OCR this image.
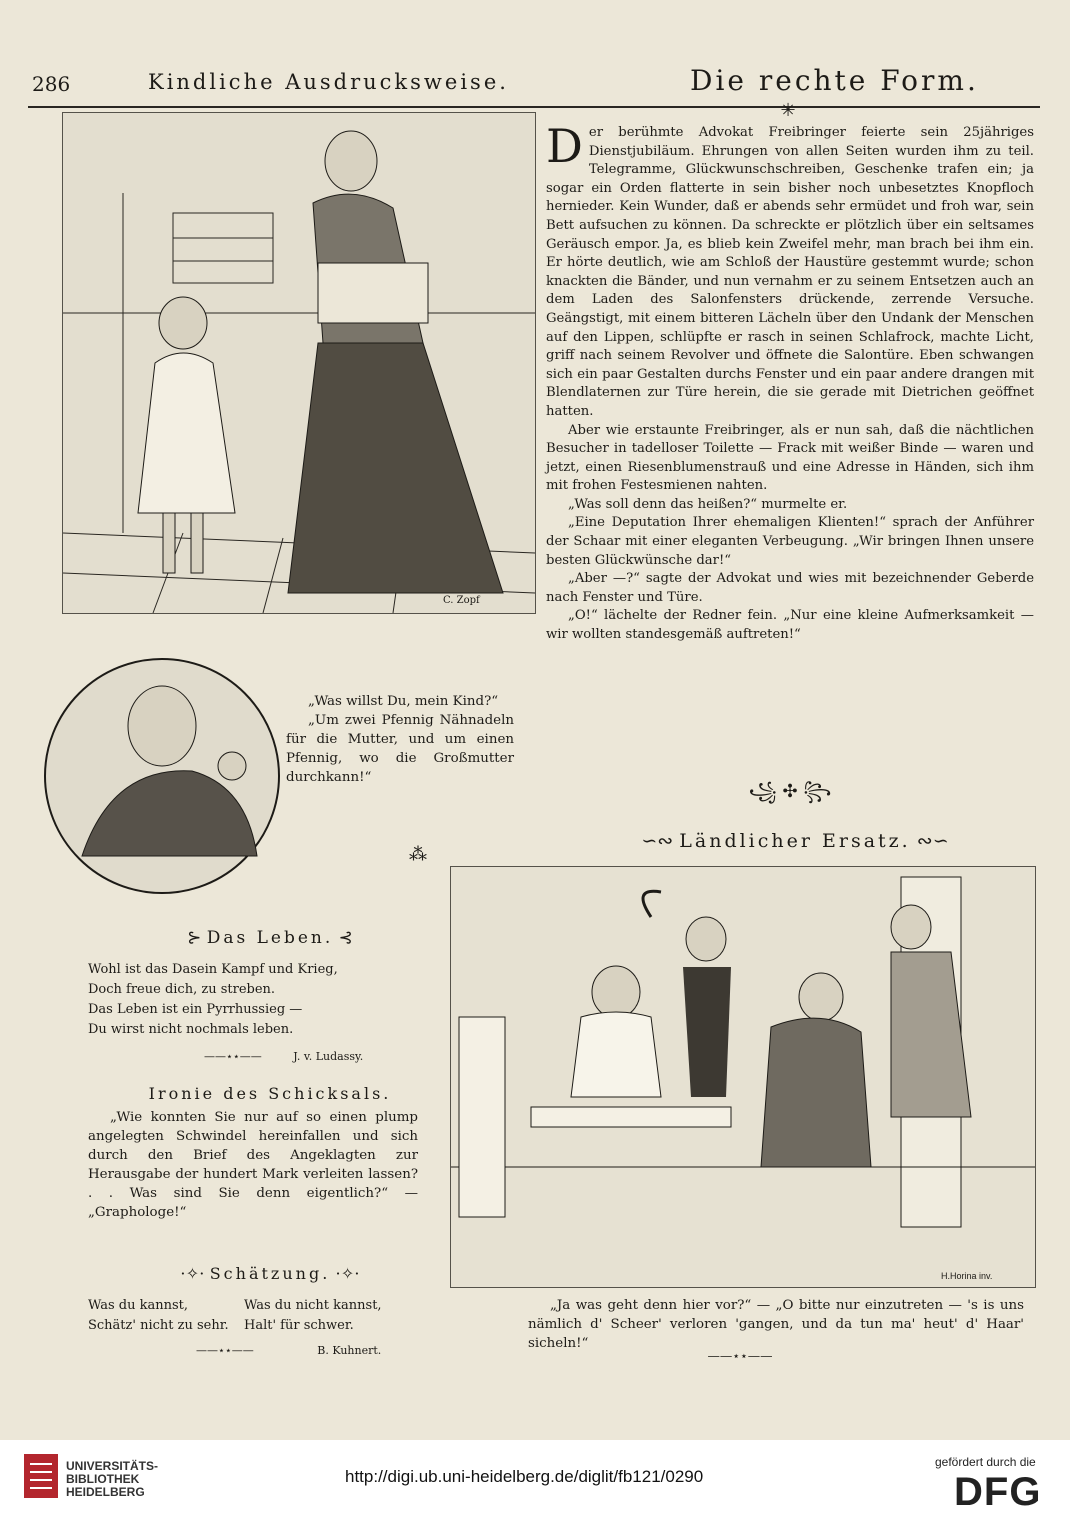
286	Kindliche Ausdrucksweise.	Die rechte Form.
C. Zopf

„Was willst Du, mein Kind?“

„Um zwei Pfennig Nähnadeln für die Mutter, und um einen Pfennig, wo die Großmutter durchkann!“

⁂
✳

Der berühmte Advokat Freibringer feierte sein 25jähriges Dienstjubiläum. Ehrungen von allen Seiten wurden ihm zu teil. Telegramme, Glückwunschschreiben, Geschenke trafen ein; ja sogar ein Orden flatterte in sein bisher noch unbesetztes Knopfloch hernieder. Kein Wunder, daß er abends sehr ermüdet und froh war, sein Bett aufsuchen zu können. Da schreckte er plötzlich über ein seltsames Geräusch empor. Ja, es blieb kein Zweifel mehr, man brach bei ihm ein. Er hörte deutlich, wie am Schloß der Haustüre gestemmt wurde; schon knackten die Bänder, und nun vernahm er zu seinem Entsetzen auch an dem Laden des Salonfensters drückende, zerrende Versuche. Geängstigt, mit einem bitteren Lächeln über den Undank der Menschen auf den Lippen, schlüpfte er rasch in seinen Schlafrock, machte Licht, griff nach seinem Revolver und öffnete die Salontüre. Eben schwangen sich ein paar Gestalten durchs Fenster und ein paar andere drangen mit Blendlaternen zur Türe herein, die sie gerade mit Dietrichen geöffnet hatten.

Aber wie erstaunte Freibringer, als er nun sah, daß die nächtlichen Besucher in tadelloser Toilette — Frack mit weißer Binde — waren und jetzt, einen Riesenblumenstrauß und eine Adresse in Händen, sich ihm mit frohen Festesmienen nahten.

„Was soll denn das heißen?“ murmelte er.

„Eine Deputation Ihrer ehemaligen Klienten!“ sprach der Anführer der Schaar mit einer eleganten Verbeugung. „Wir bringen Ihnen unsere besten Glückwünsche dar!“

„Aber —?“ sagte der Advokat und wies mit bezeichnender Geberde nach Fenster und Türe.

„O!“ lächelte der Redner fein. „Nur eine kleine Aufmerksamkeit — wir wollten standesgemäß auftreten!“

꧁ ✣ ꧂
∽∾ Ländlicher Ersatz. ∾∽
H.Horina inv.
„Ja was geht denn hier vor?“ — „O bitte nur einzutreten — 's is uns nämlich d' Scheer' verloren 'gangen, und da tun ma' heut' d' Haar' sicheln!“
——⋆⋆——
⊱ Das Leben. ⊰
Wohl ist das Dasein Kampf und Krieg,
Doch freue dich, zu streben.
Das Leben ist ein Pyrrhussieg —
Du wirst nicht nochmals leben.
——⋆⋆——	J. v. Ludassy.
Ironie des Schicksals.
„Wie konnten Sie nur auf so einen plump angelegten Schwindel hereinfallen und sich durch den Brief des Angeklagten zur Herausgabe der hundert Mark verleiten lassen? . . Was sind Sie denn eigentlich?“ — „Graphologe!“
⋅✧⋅ Schätzung. ⋅✧⋅
Was du kannst,
Schätz' nicht zu sehr.
Was du nicht kannst,
Halt' für schwer.
——⋆⋆——	B. Kuhnert.
UNIVERSITÄTS-
BIBLIOTHEK
HEIDELBERG
http://digi.ub.uni-heidelberg.de/diglit/fb121/0290
gefördert durch die
DFG
